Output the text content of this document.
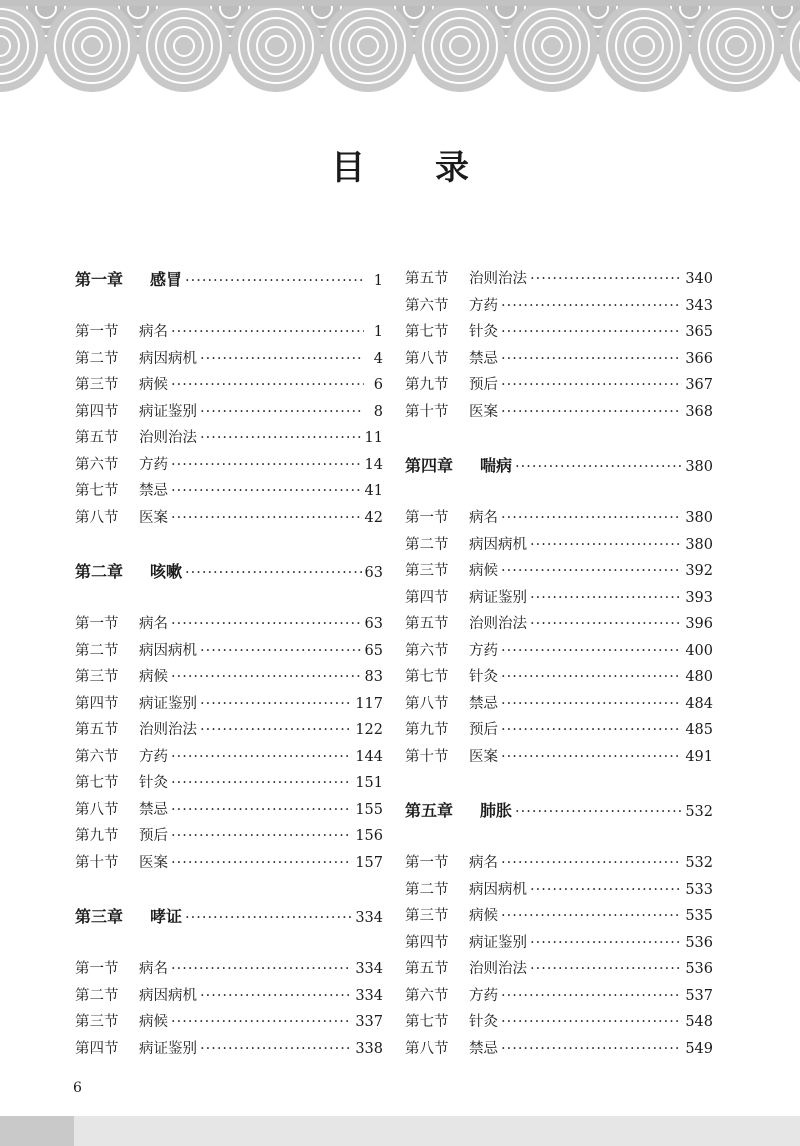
目 录
第一章	感冒 ·····	1
第一节	病名 ·····	1
第二节	病因病机 ·····	4
第三节	病候 ·····	6
第四节	病证鉴别 ·····	8
第五节	治则治法 ·····	11
第六节	方药 ·····	14
第七节	禁忌 ·····	41
第八节	医案 ·····	42
第二章	咳嗽 ·····	63
第一节	病名 ·····	63
第二节	病因病机 ·····	65
第三节	病候 ·····	83
第四节	病证鉴别 ·····	117
第五节	治则治法 ·····	122
第六节	方药 ·····	144
第七节	针灸 ·····	151
第八节	禁忌 ·····	155
第九节	预后 ·····	156
第十节	医案 ·····	157
第三章	哮证 ·····	334
第一节	病名 ·····	334
第二节	病因病机 ·····	334
第三节	病候 ·····	337
第四节	病证鉴别 ·····	338
第五节	治则治法 ·····	340
第六节	方药 ·····	343
第七节	针灸 ·····	365
第八节	禁忌 ·····	366
第九节	预后 ·····	367
第十节	医案 ·····	368
第四章	喘病 ·····	380
第一节	病名 ·····	380
第二节	病因病机 ·····	380
第三节	病候 ·····	392
第四节	病证鉴别 ·····	393
第五节	治则治法 ·····	396
第六节	方药 ·····	400
第七节	针灸 ·····	480
第八节	禁忌 ·····	484
第九节	预后 ·····	485
第十节	医案 ·····	491
第五章	肺胀 ·····	532
第一节	病名 ·····	532
第二节	病因病机 ·····	533
第三节	病候 ·····	535
第四节	病证鉴别 ·····	536
第五节	治则治法 ·····	536
第六节	方药 ·····	537
第七节	针灸 ·····	548
第八节	禁忌 ·····	549
6
